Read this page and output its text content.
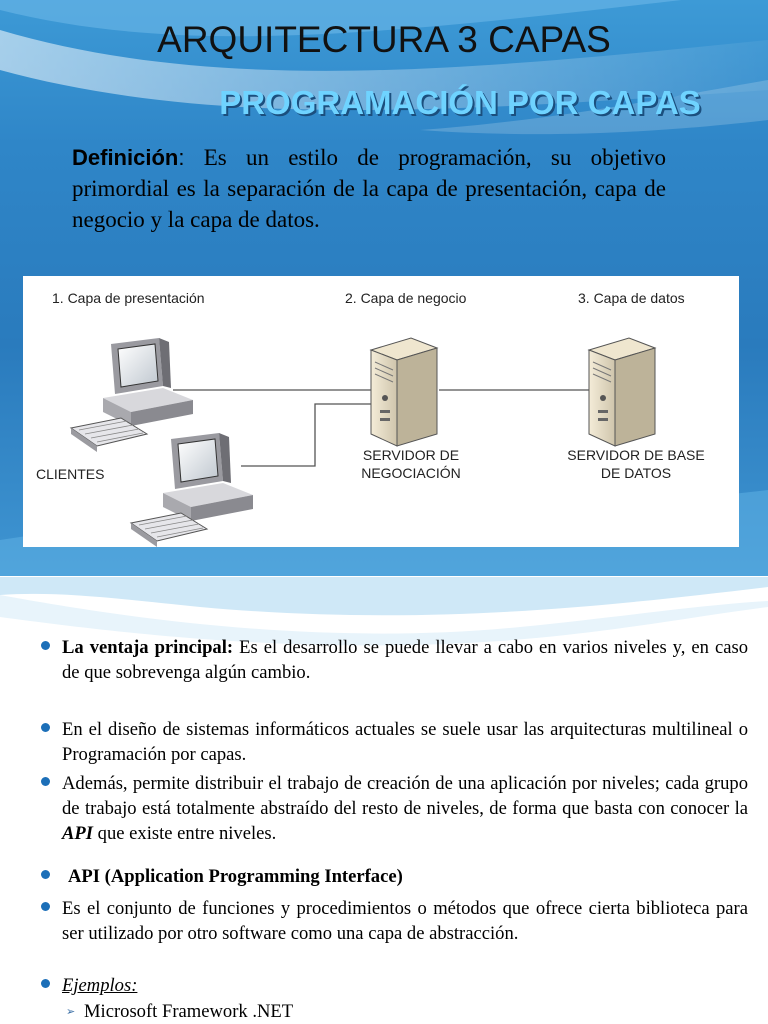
ARQUITECTURA 3 CAPAS
PROGRAMACIÓN POR CAPAS
Definición: Es un estilo de programación, su objetivo primordial es la separación de la capa de presentación, capa de negocio y la capa de datos.
1. Capa de presentación	2. Capa de negocio	3. Capa de datos
CLIENTES
SERVIDOR DE
NEGOCIACIÓN
SERVIDOR DE BASE
DE DATOS
La ventaja principal: Es el desarrollo se puede llevar a cabo en varios niveles y, en caso de que sobrevenga algún cambio.
En el diseño de sistemas informáticos actuales se suele usar las arquitecturas multilineal o Programación por capas.
Además, permite distribuir el trabajo de creación de una aplicación por niveles; cada grupo de trabajo está totalmente abstraído del resto de niveles, de forma que basta con conocer la API que existe entre niveles.
API (Application Programming Interface)
Es el conjunto de funciones y procedimientos o métodos que ofrece cierta biblioteca para ser utilizado por otro software como una capa de abstracción.
Ejemplos:
➢ Microsoft Framework .NET
